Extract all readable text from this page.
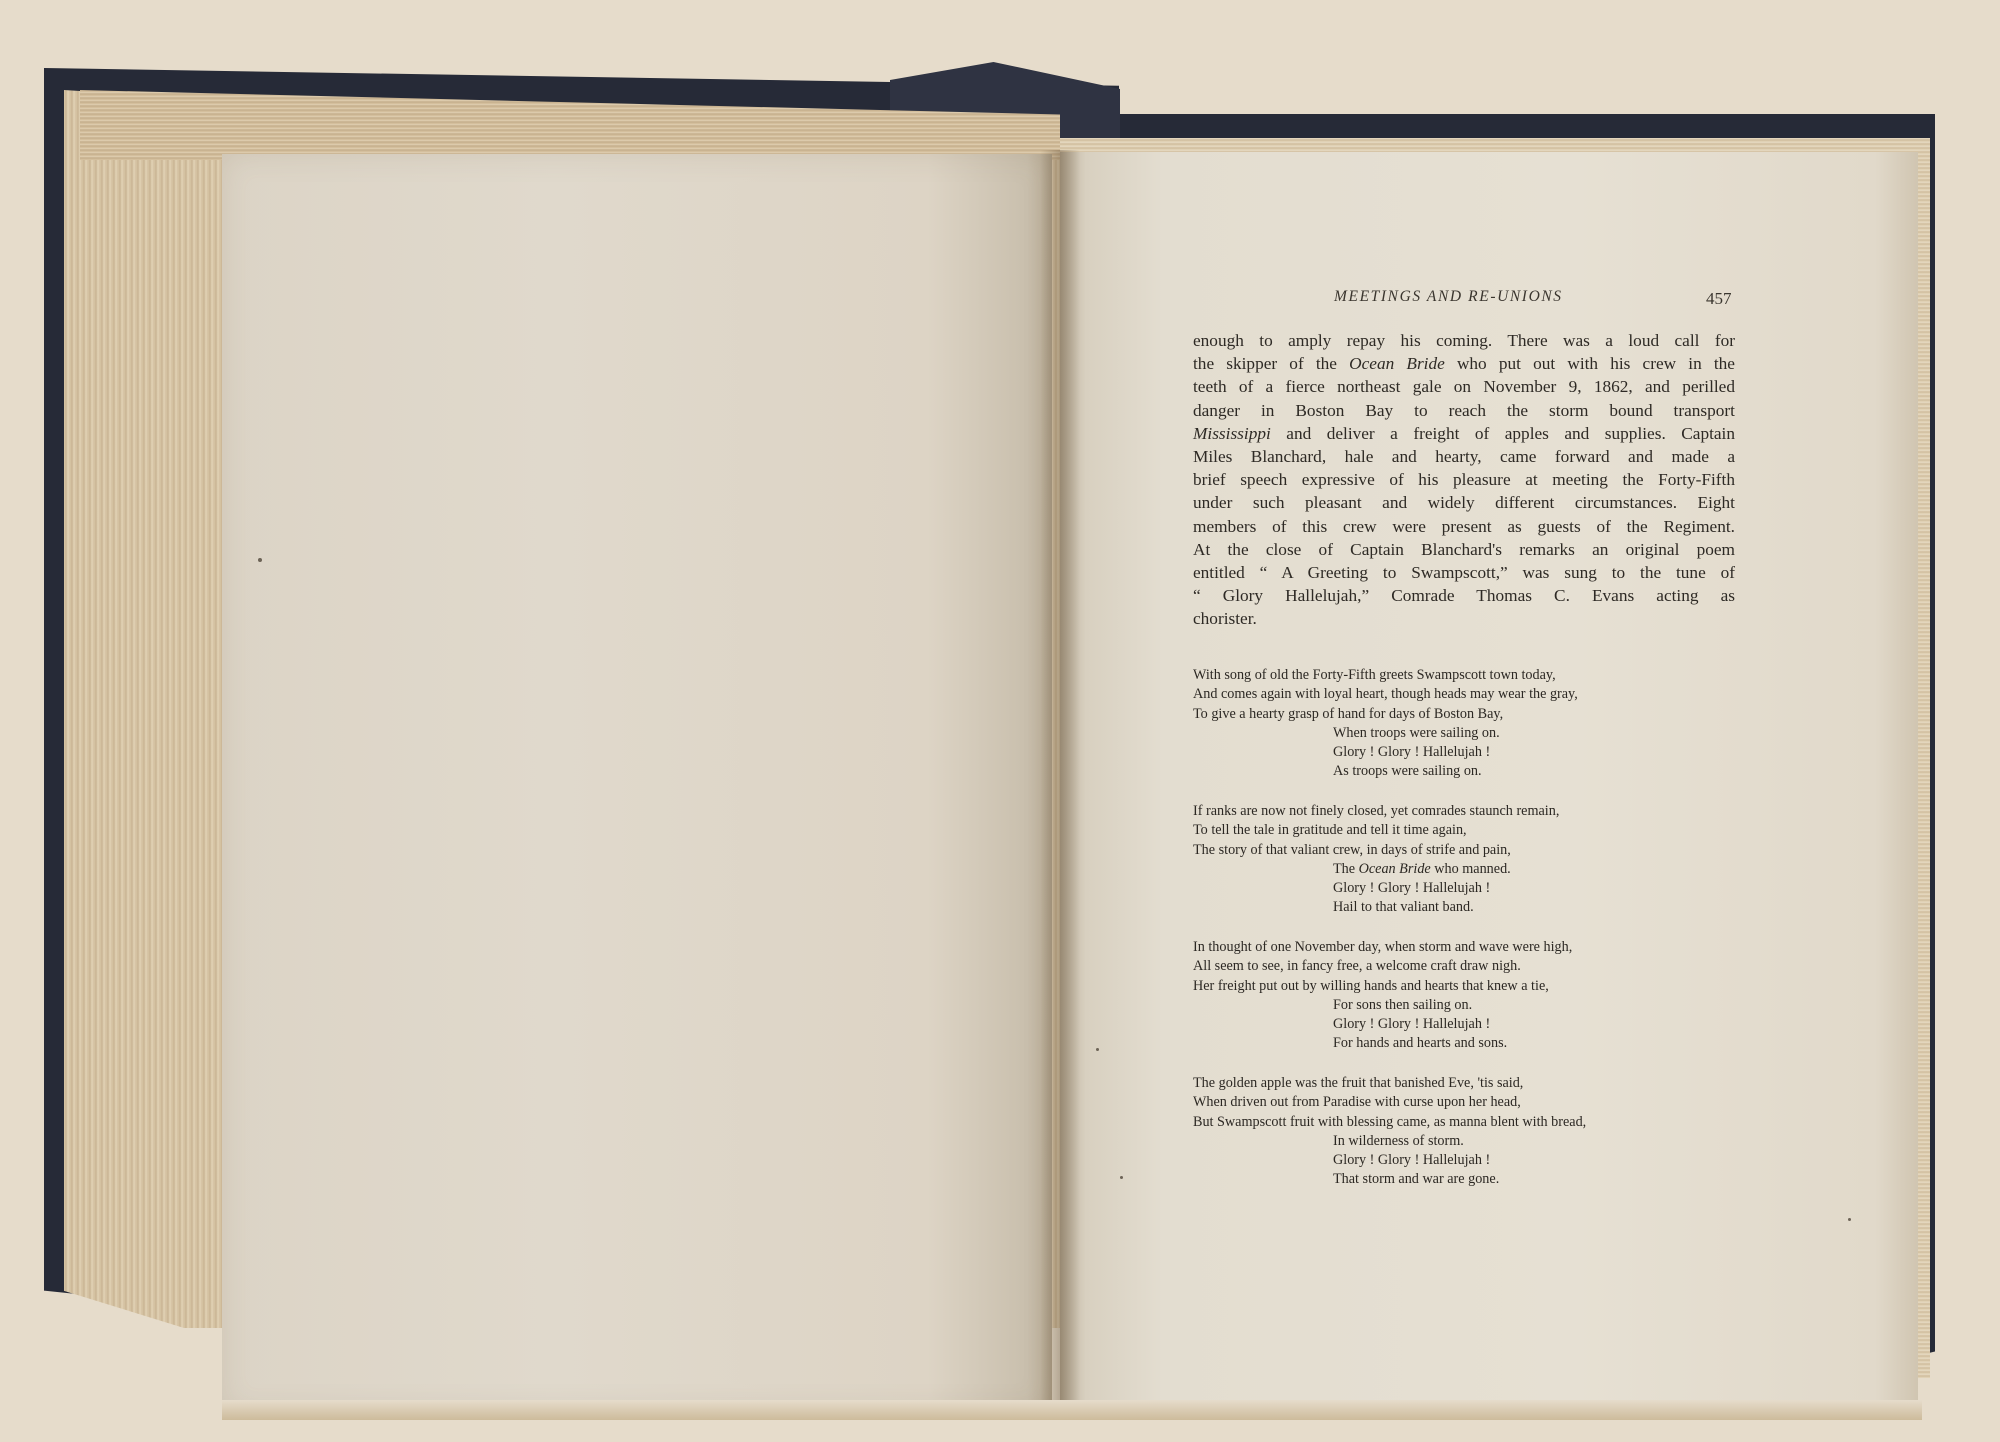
MEETINGS AND RE-UNIONS	457
enough to amply repay his coming. There was a loud call for
the skipper of the Ocean Bride who put out with his crew in the
teeth of a fierce northeast gale on November 9, 1862, and perilled
danger in Boston Bay to reach the storm bound transport
Mississippi and deliver a freight of apples and supplies. Captain
Miles Blanchard, hale and hearty, came forward and made a
brief speech expressive of his pleasure at meeting the Forty-Fifth
under such pleasant and widely different circumstances. Eight
members of this crew were present as guests of the Regiment.
At the close of Captain Blanchard's remarks an original poem
entitled “ A Greeting to Swampscott,” was sung to the tune of
“ Glory Hallelujah,” Comrade Thomas C. Evans acting as
chorister.
With song of old the Forty-Fifth greets Swampscott town today,
And comes again with loyal heart, though heads may wear the gray,
To give a hearty grasp of hand for days of Boston Bay,
When troops were sailing on.
Glory ! Glory ! Hallelujah !
As troops were sailing on.
If ranks are now not finely closed, yet comrades staunch remain,
To tell the tale in gratitude and tell it time again,
The story of that valiant crew, in days of strife and pain,
The Ocean Bride who manned.
Glory ! Glory ! Hallelujah !
Hail to that valiant band.
In thought of one November day, when storm and wave were high,
All seem to see, in fancy free, a welcome craft draw nigh.
Her freight put out by willing hands and hearts that knew a tie,
For sons then sailing on.
Glory ! Glory ! Hallelujah !
For hands and hearts and sons.
The golden apple was the fruit that banished Eve, 'tis said,
When driven out from Paradise with curse upon her head,
But Swampscott fruit with blessing came, as manna blent with bread,
In wilderness of storm.
Glory ! Glory ! Hallelujah !
That storm and war are gone.
